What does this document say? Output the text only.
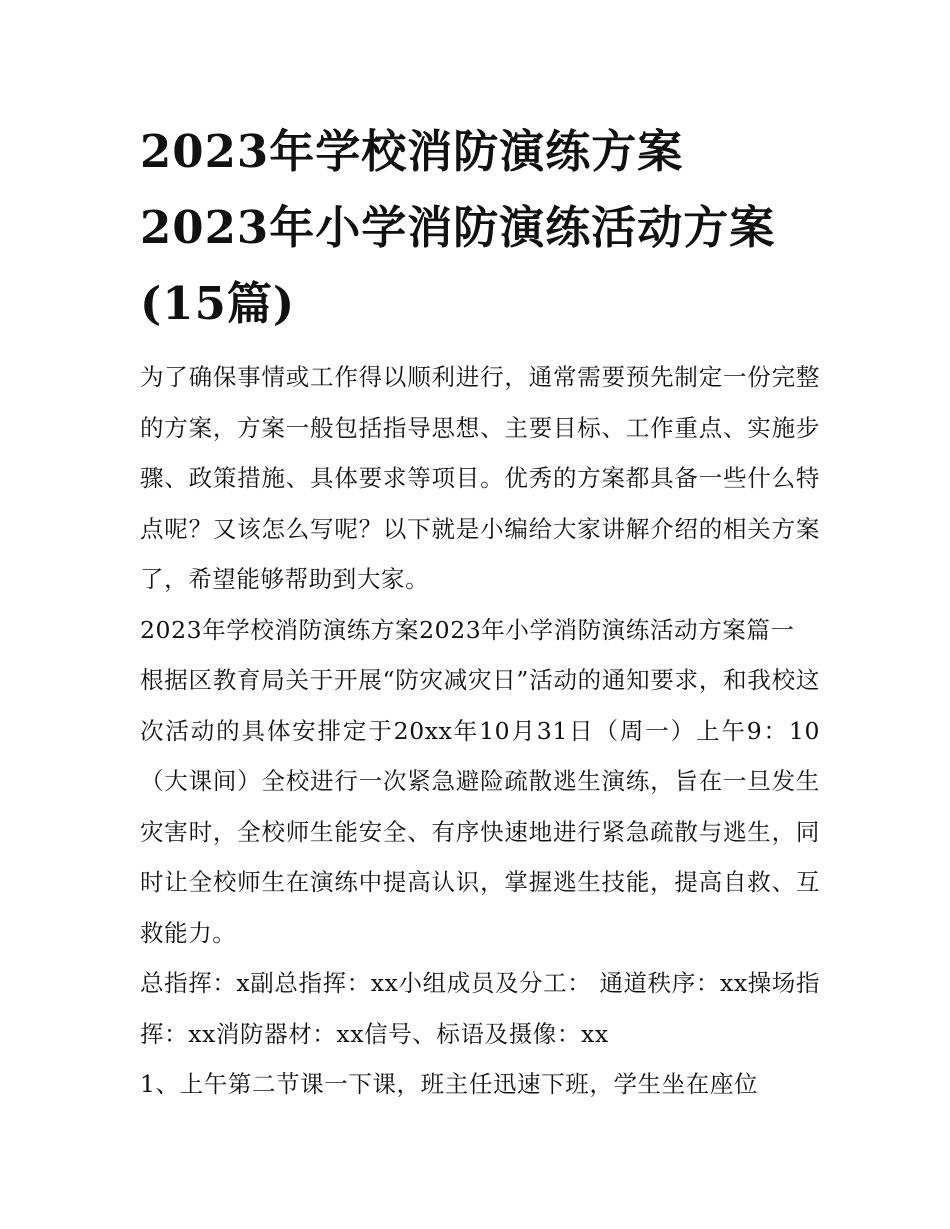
2023年学校消防演练方案
2023年小学消防演练活动方案
(15篇)

为了确保事情或工作得以顺利进行，通常需要预先制定一份完整的方案，方案一般包括指导思想、主要目标、工作重点、实施步骤、政策措施、具体要求等项目。优秀的方案都具备一些什么特点呢？又该怎么写呢？以下就是小编给大家讲解介绍的相关方案了，希望能够帮助到大家。

2023年学校消防演练方案2023年小学消防演练活动方案篇一

根据区教育局关于开展“防灾减灾日”活动的通知要求，和我校这次活动的具体安排定于20xx年10月31日（周一）上午9：10（大课间）全校进行一次紧急避险疏散逃生演练，旨在一旦发生灾害时，全校师生能安全、有序快速地进行紧急疏散与逃生，同时让全校师生在演练中提高认识，掌握逃生技能，提高自救、互救能力。

总指挥：x副总指挥：xx小组成员及分工： 通道秩序：xx操场指挥：xx消防器材：xx信号、标语及摄像：xx

1、上午第二节课一下课，班主任迅速下班，学生坐在座位
